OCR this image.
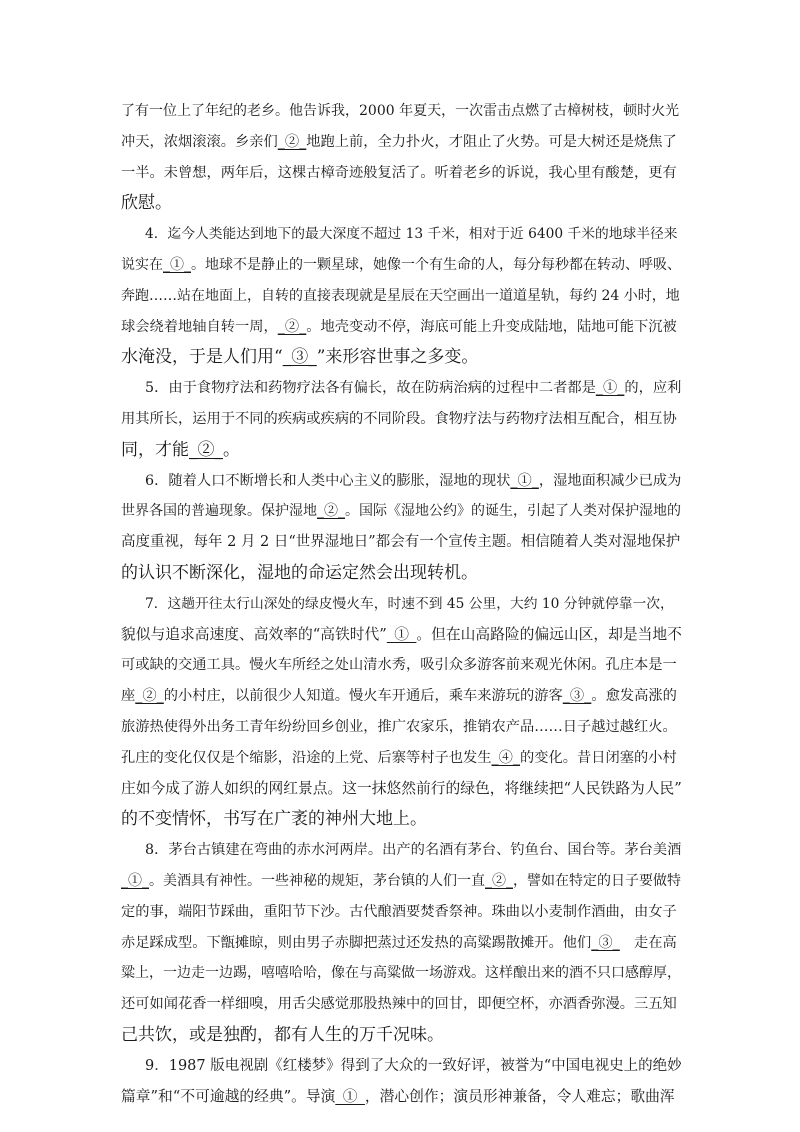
了有一位上了年纪的老乡。他告诉我，2000 年夏天，一次雷击点燃了古樟树枝，顿时火光
冲天，浓烟滚滚。乡亲们_②_地跑上前，全力扑火，才阻止了火势。可是大树还是烧焦了
一半。未曾想，两年后，这棵古樟奇迹般复活了。听着老乡的诉说，我心里有酸楚，更有
欣慰。
4．迄今人类能达到地下的最大深度不超过 13 千米，相对于近 6400 千米的地球半径来
说实在_①_。地球不是静止的一颗星球，她像一个有生命的人，每分每秒都在转动、呼吸、
奔跑……站在地面上，自转的直接表现就是星辰在天空画出一道道星轨，每约 24 小时，地
球会绕着地轴自转一周，_②_。地壳变动不停，海底可能上升变成陆地，陆地可能下沉被
水淹没，于是人们用“_③_”来形容世事之多变。
5．由于食物疗法和药物疗法各有偏长，故在防病治病的过程中二者都是_①_的，应利
用其所长，运用于不同的疾病或疾病的不同阶段。食物疗法与药物疗法相互配合，相互协
同，才能_②_。
6．随着人口不断增长和人类中心主义的膨胀，湿地的现状_①_，湿地面积减少已成为
世界各国的普遍现象。保护湿地_②_。国际《湿地公约》的诞生，引起了人类对保护湿地的
高度重视，每年 2 月 2 日“世界湿地日”都会有一个宣传主题。相信随着人类对湿地保护
的认识不断深化，湿地的命运定然会出现转机。
7．这趟开往太行山深处的绿皮慢火车，时速不到 45 公里，大约 10 分钟就停靠一次，
貌似与追求高速度、高效率的“高铁时代”_①_。但在山高路险的偏远山区，却是当地不
可或缺的交通工具。慢火车所经之处山清水秀，吸引众多游客前来观光休闲。孔庄本是一
座_②_的小村庄，以前很少人知道。慢火车开通后，乘车来游玩的游客_③_。愈发高涨的
旅游热使得外出务工青年纷纷回乡创业，推广农家乐，推销农产品……日子越过越红火。
孔庄的变化仅仅是个缩影，沿途的上党、后寨等村子也发生_④_的变化。昔日闭塞的小村
庄如今成了游人如织的网红景点。这一抹悠然前行的绿色，将继续把“人民铁路为人民”
的不变情怀，书写在广袤的神州大地上。
8．茅台古镇建在弯曲的赤水河两岸。出产的名酒有茅台、钓鱼台、国台等。茅台美酒
_①_。美酒具有神性。一些神秘的规矩，茅台镇的人们一直_②_，譬如在特定的日子要做特
定的事，端阳节踩曲，重阳节下沙。古代酿酒要焚香祭神。珠曲以小麦制作酒曲，由女子
赤足踩成型。下甑摊晾，则由男子赤脚把蒸过还发热的高粱踢散摊开。他们_③_　走在高
粱上，一边走一边踢，嘻嘻哈哈，像在与高粱做一场游戏。这样酿出来的酒不只口感醇厚，
还可如闻花香一样细嗅，用舌尖感觉那股热辣中的回甘，即便空杯，亦酒香弥漫。三五知
己共饮，或是独酌，都有人生的万千况味。
9．1987 版电视剧《红楼梦》得到了大众的一致好评，被誉为“中国电视史上的绝妙
篇章”和“不可逾越的经典”。导演_①_，潜心创作；演员形神兼备，令人难忘；歌曲浑
